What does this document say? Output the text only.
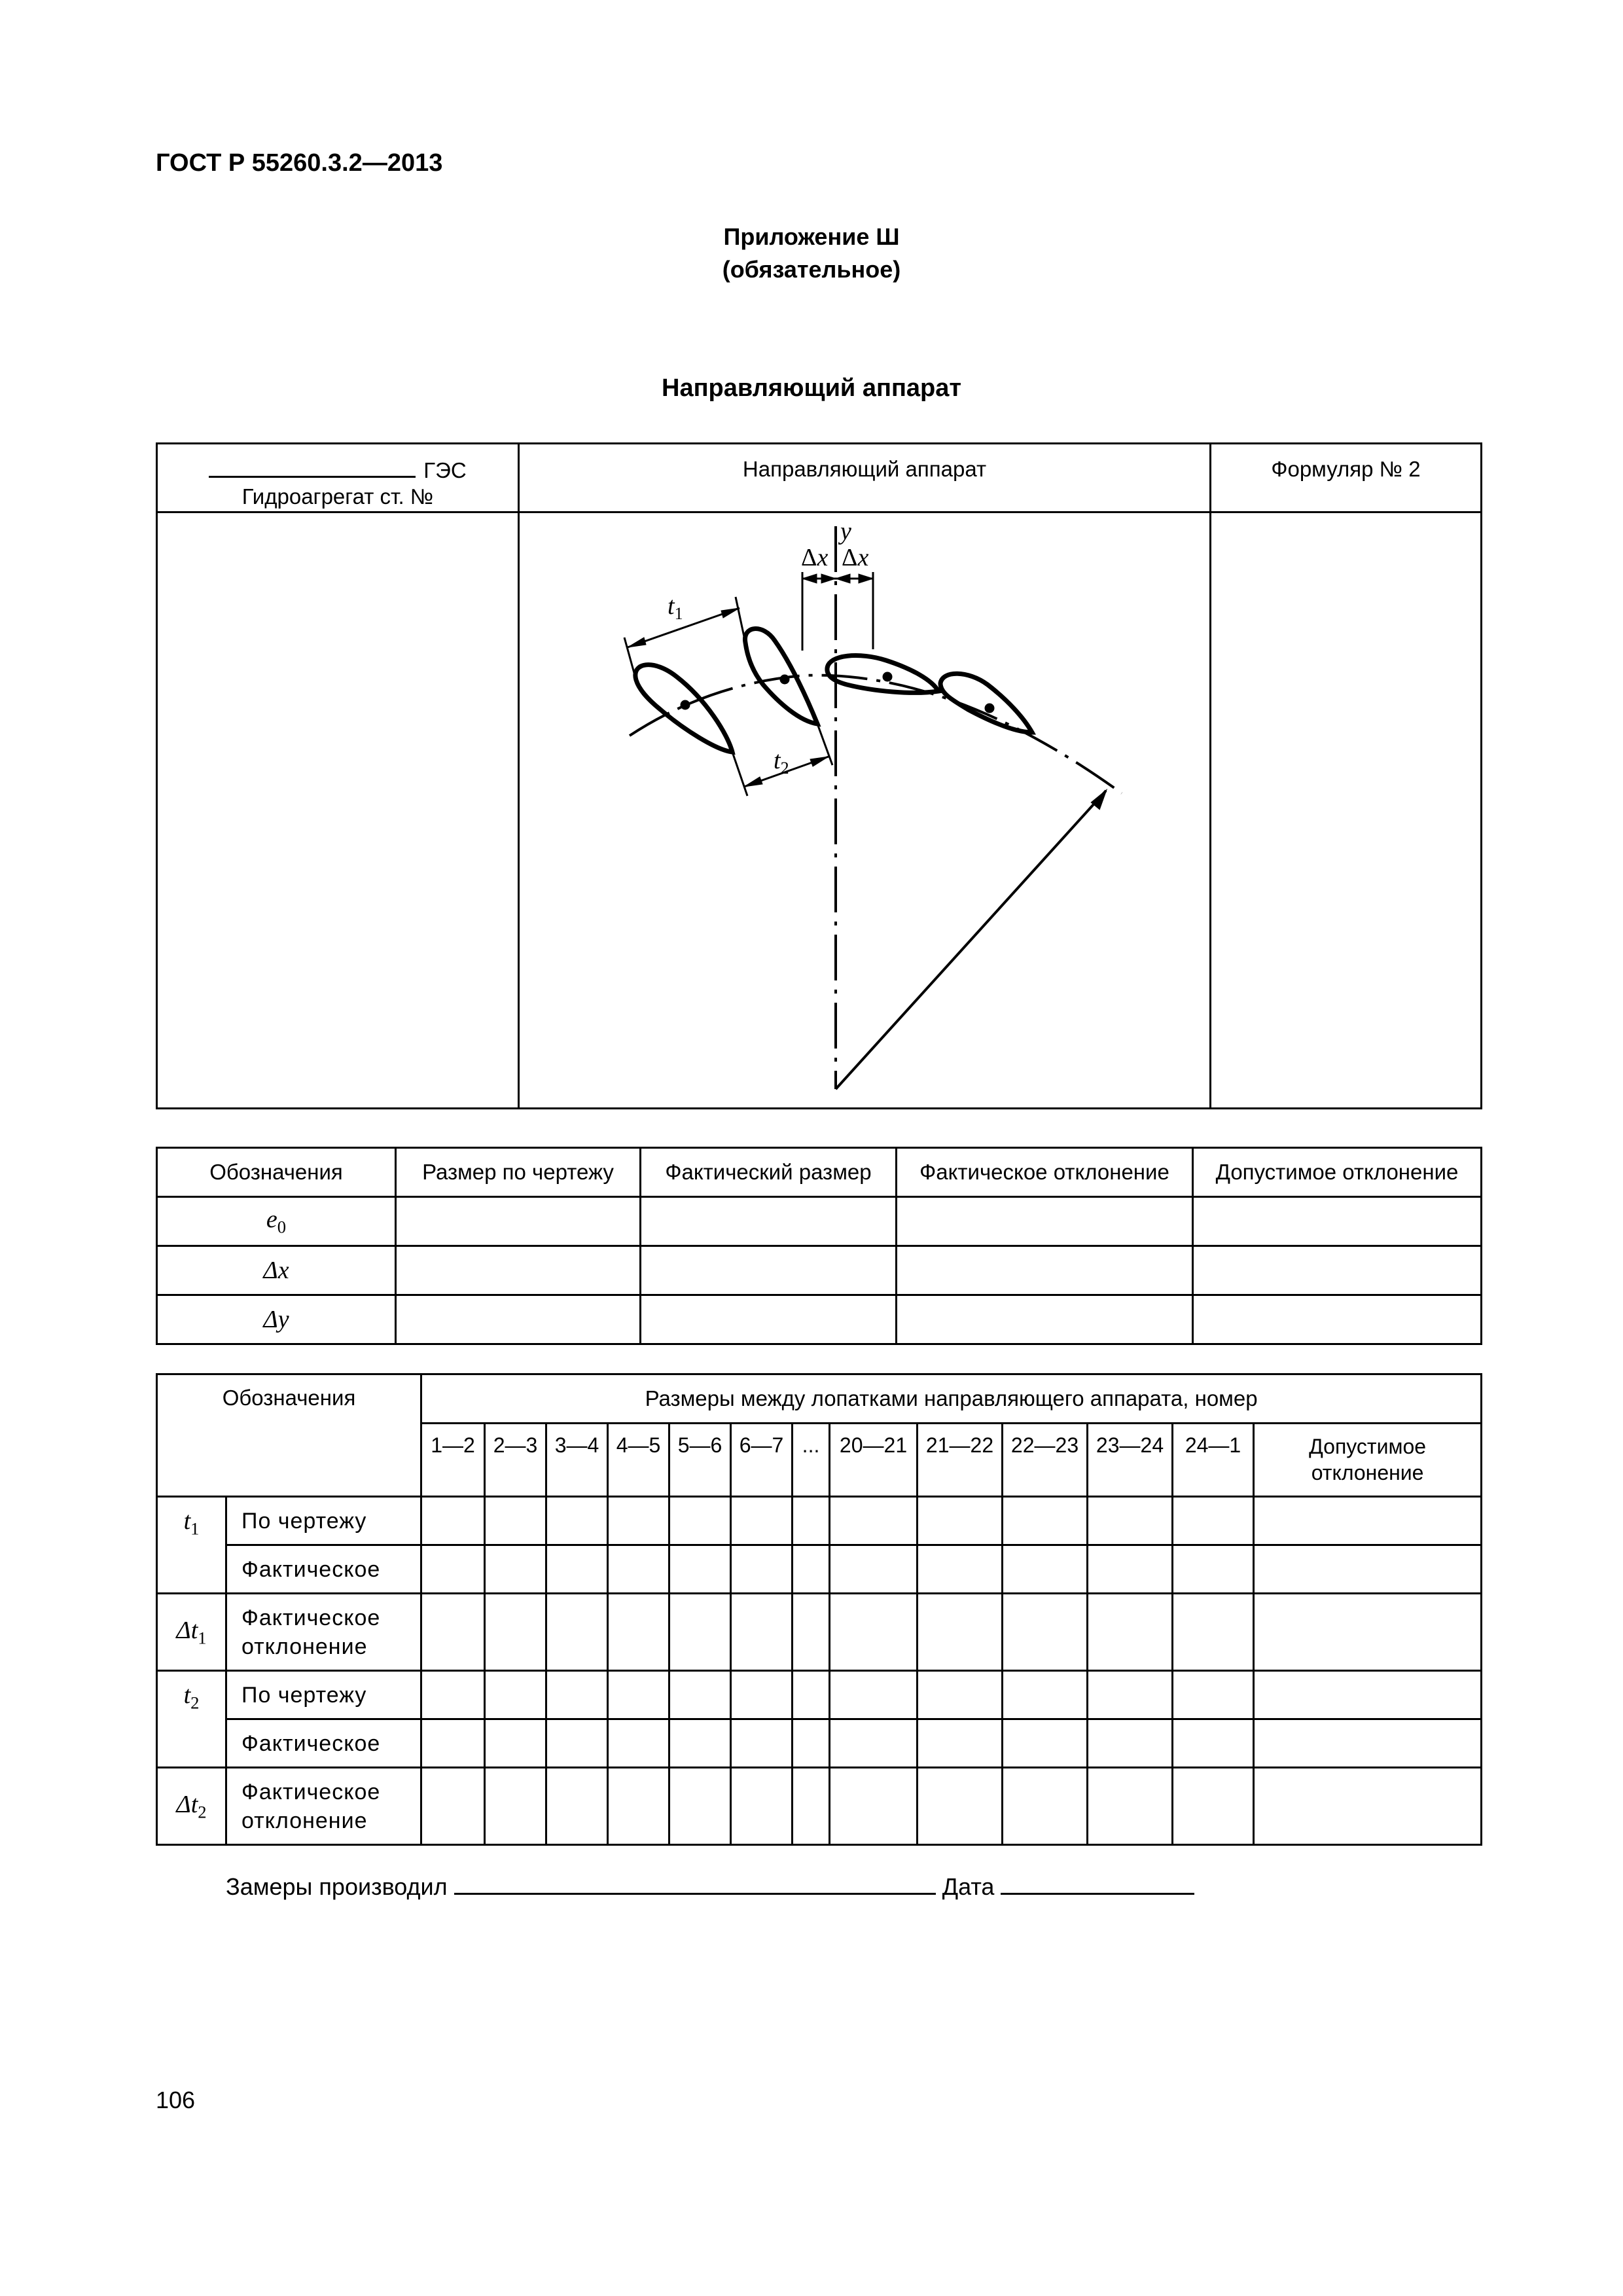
ГОСТ Р 55260.3.2—2013
Приложение Ш
(обязательное)
Направляющий аппарат
ГЭС
Гидроагрегат ст. №	Направляющий аппарат	Формуляр № 2

y
Δx Δx
$t_1$
$t_2$

Обозначения	Размер по чертежу	Фактический размер	Фактическое отклонение	Допустимое отклонение
$e_0$				
Δx				
Δy				
Обозначения		Размеры между лопатками направляющего аппарата, номер												
		1—2	2—3	3—4	4—5	5—6	6—7	...	20—21	21—22	22—23	23—24	24—1	Допустимое отклонение
$t_1$	По чертежу													
	Фактическое													
$\Delta t_1$	Фактическое отклонение													
$t_2$	По чертежу													
	Фактическое													
$\Delta t_2$	Фактическое отклонение													
Замеры производил	Дата
106
